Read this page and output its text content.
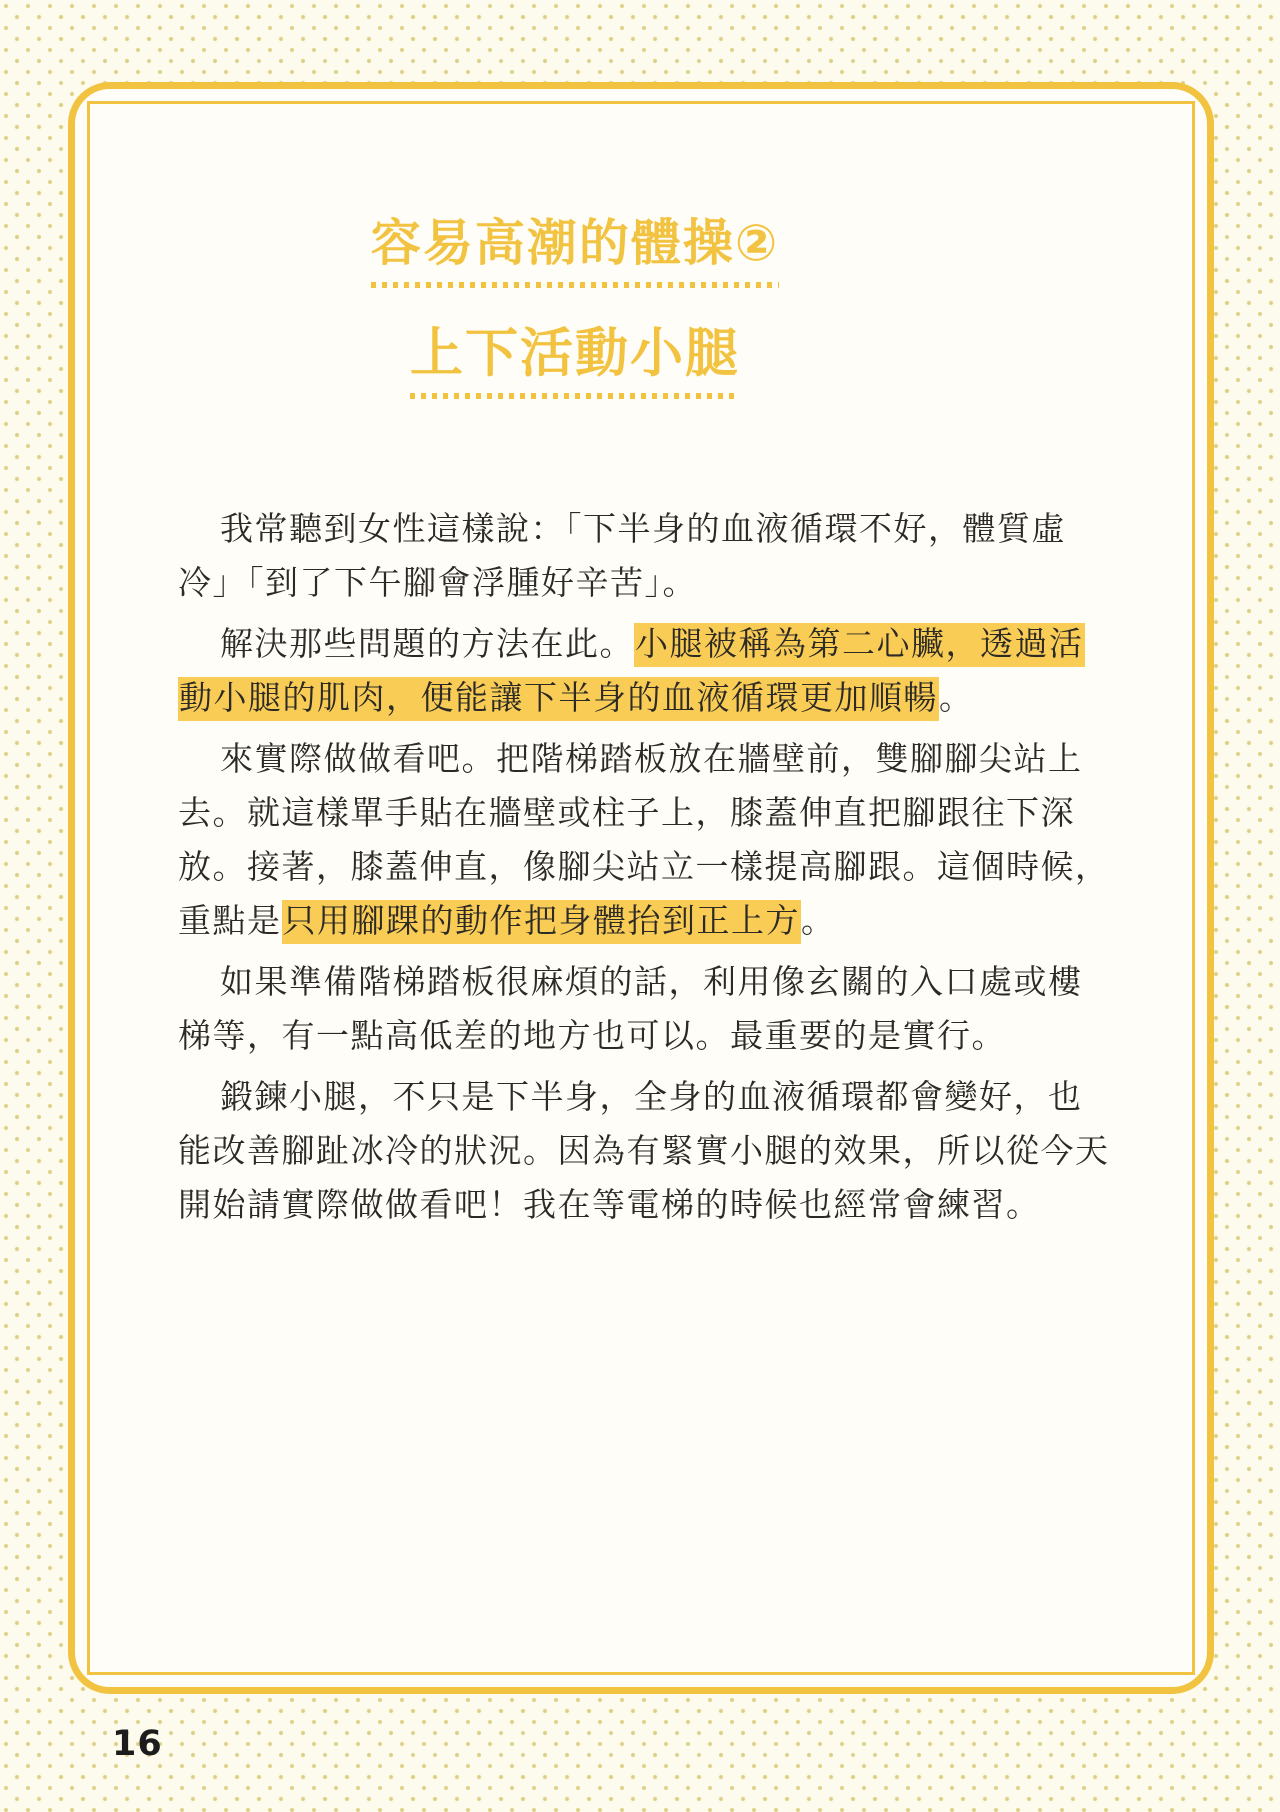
容易高潮的體操②
上下活動小腿
我常聽到女性這樣說：「下半身的血液循環不好，體質虛
冷」「到了下午腳會浮腫好辛苦」。
解決那些問題的方法在此。小腿被稱為第二心臟，透過活
動小腿的肌肉，便能讓下半身的血液循環更加順暢。
來實際做做看吧。把階梯踏板放在牆壁前，雙腳腳尖站上
去。就這樣單手貼在牆壁或柱子上，膝蓋伸直把腳跟往下深
放。接著，膝蓋伸直，像腳尖站立一樣提高腳跟。這個時候，
重點是只用腳踝的動作把身體抬到正上方。
如果準備階梯踏板很麻煩的話，利用像玄關的入口處或樓
梯等，有一點高低差的地方也可以。最重要的是實行。
鍛鍊小腿，不只是下半身，全身的血液循環都會變好，也
能改善腳趾冰冷的狀況。因為有緊實小腿的效果，所以從今天
開始請實際做做看吧！我在等電梯的時候也經常會練習。
16
